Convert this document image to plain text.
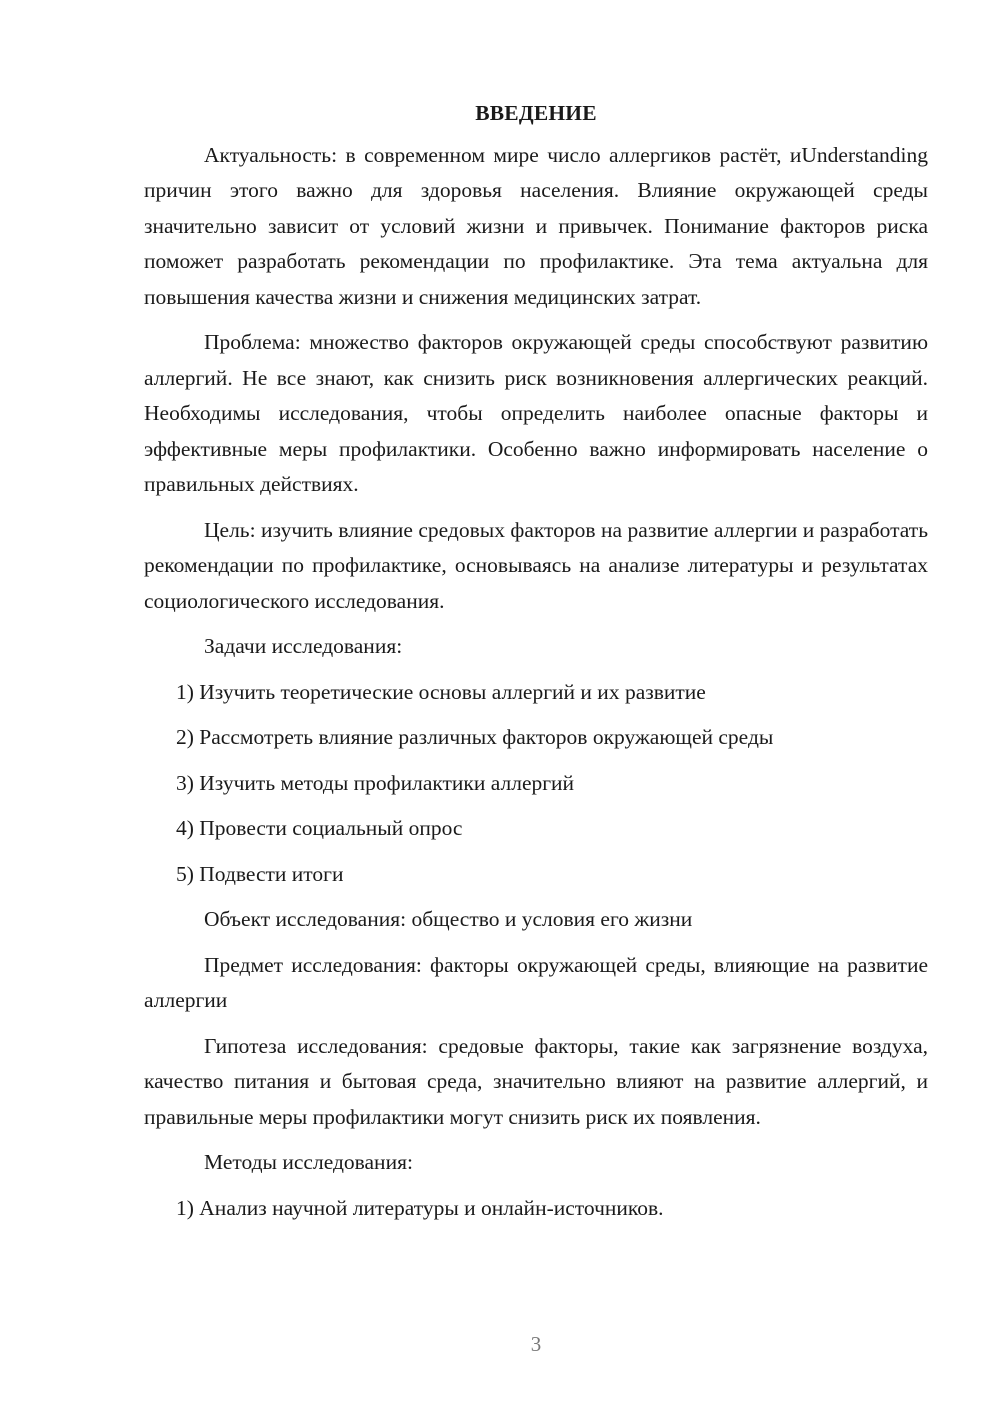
ВВЕДЕНИЕ

Актуальность: в современном мире число аллергиков растёт, иUnderstanding причин этого важно для здоровья населения. Влияние окружающей среды значительно зависит от условий жизни и привычек. Понимание факторов риска поможет разработать рекомендации по профилактике. Эта тема актуальна для повышения качества жизни и снижения медицинских затрат.

Проблема: множество факторов окружающей среды способствуют развитию аллергий. Не все знают, как снизить риск возникновения аллергических реакций. Необходимы исследования, чтобы определить наиболее опасные факторы и эффективные меры профилактики. Особенно важно информировать население о правильных действиях.

Цель: изучить влияние средовых факторов на развитие аллергии и разработать рекомендации по профилактике, основываясь на анализе литературы и результатах социологического исследования.

Задачи исследования:

1) Изучить теоретические основы аллергий и их развитие

2) Рассмотреть влияние различных факторов окружающей среды

3) Изучить методы профилактики аллергий

4) Провести социальный опрос

5) Подвести итоги

Объект исследования: общество и условия его жизни

Предмет исследования: факторы окружающей среды, влияющие на развитие аллергии

Гипотеза исследования: средовые факторы, такие как загрязнение воздуха, качество питания и бытовая среда, значительно влияют на развитие аллергий, и правильные меры профилактики могут снизить риск их появления.

Методы исследования:

1) Анализ научной литературы и онлайн-источников.

3
